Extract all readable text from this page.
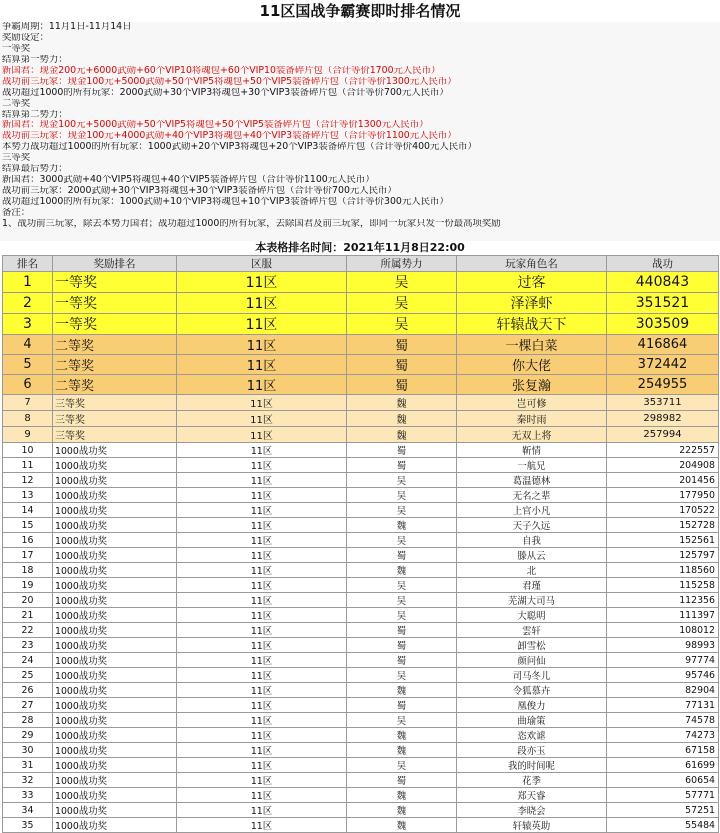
11区国战争霸赛即时排名情况
争霸周期：11月1日-11月14日
奖励设定：
一等奖
结算第一势力：
新国君：现金200元+6000武勋+60个VIP10将魂包+60个VIP10装备碎片包（合计等价1700元人民币）
战功前三玩家：现金100元+5000武勋+50个VIP5将魂包+50个VIP5装备碎片包（合计等价1300元人民币）
战功超过1000的所有玩家：2000武勋+30个VIP3将魂包+30个VIP3装备碎片包（合计等价700元人民币）
二等奖
结算第二势力：
新国君：现金100元+5000武勋+50个VIP5将魂包+50个VIP5装备碎片包（合计等价1300元人民币）
战功前三玩家：现金100元+4000武勋+40个VIP3将魂包+40个VIP3装备碎片包（合计等价1100元人民币）
本势力战功超过1000的所有玩家：1000武勋+20个VIP3将魂包+20个VIP3装备碎片包（合计等价400元人民币）
三等奖
结算最后势力：
新国君：3000武勋+40个VIP5将魂包+40个VIP5装备碎片包（合计等价1100元人民币）
战功前三玩家：2000武勋+30个VIP3将魂包+30个VIP3装备碎片包（合计等价700元人民币）
战功超过1000的所有玩家：1000武勋+10个VIP3将魂包+10个VIP3装备碎片包（合计等价300元人民币）
备注：
1、战功前三玩家，除去本势力国君；战功超过1000的所有玩家，去除国君及前三玩家，即同一玩家只发一份最高项奖励
本表格排名时间：2021年11月8日22:00
排名	奖励排名	区服	所属势力	玩家角色名	战功
1	一等奖	11区	吴	过客	440843
2	一等奖	11区	吴	泽泽虾	351521
3	一等奖	11区	吴	轩辕战天下	303509
4	二等奖	11区	蜀	一棵白菜	416864
5	二等奖	11区	蜀	你大佬	372442
6	二等奖	11区	蜀	张复瀚	254955
7	三等奖	11区	魏	岂可修	353711
8	三等奖	11区	魏	秦时雨	298982
9	三等奖	11区	魏	无双上将	257994
10	1000战功奖	11区	蜀	靳情	222557
11	1000战功奖	11区	蜀	一航兄	204908
12	1000战功奖	11区	吴	葛温德林	201456
13	1000战功奖	11区	吴	无名之辈	177950
14	1000战功奖	11区	吴	上官小凡	170522
15	1000战功奖	11区	魏	天子久远	152728
16	1000战功奖	11区	吴	自我	152561
17	1000战功奖	11区	蜀	滕从云	125797
18	1000战功奖	11区	魏	北	118560
19	1000战功奖	11区	吴	君瑾	115258
20	1000战功奖	11区	吴	芜湖大司马	112356
21	1000战功奖	11区	吴	大聪明	111397
22	1000战功奖	11区	蜀	雲轩	108012
23	1000战功奖	11区	蜀	卸雪松	98993
24	1000战功奖	11区	蜀	颜问仙	97774
25	1000战功奖	11区	吴	司马冬儿	95746
26	1000战功奖	11区	魏	令狐慕卉	82904
27	1000战功奖	11区	蜀	凰俊力	77131
28	1000战功奖	11区	吴	曲瑜策	74578
29	1000战功奖	11区	魏	恣欢谑	74273
30	1000战功奖	11区	魏	段亦玉	67158
31	1000战功奖	11区	吴	我的时间呢	61699
32	1000战功奖	11区	蜀	花季	60654
33	1000战功奖	11区	魏	郑天睿	57771
34	1000战功奖	11区	魏	李晓会	57251
35	1000战功奖	11区	魏	轩辕英助	55484
